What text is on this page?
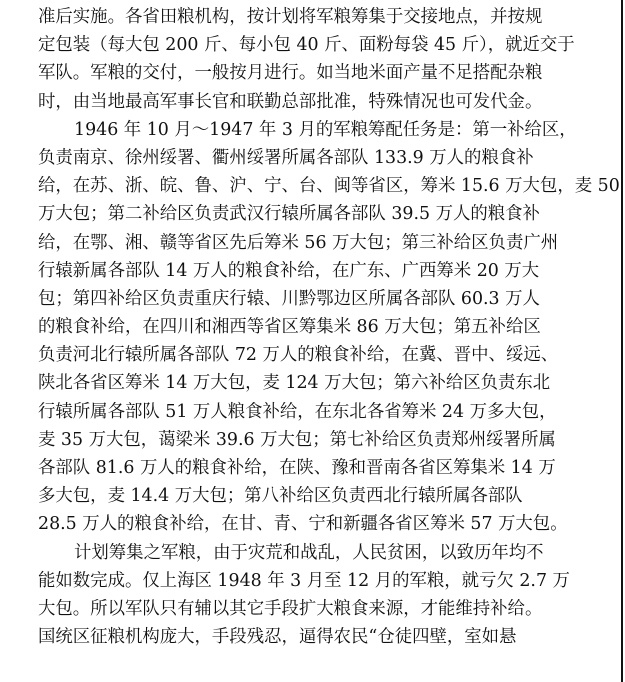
准后实施。各省田粮机构，按计划将军粮筹集于交接地点，并按规
定包装（每大包 200 斤、每小包 40 斤、面粉每袋 45 斤），就近交于
军队。军粮的交付，一般按月进行。如当地米面产量不足搭配杂粮
时，由当地最高军事长官和联勤总部批准，特殊情况也可发代金。
1946 年 10 月～1947 年 3 月的军粮筹配任务是：第一补给区，
负责南京、徐州绥署、衢州绥署所属各部队 133.9 万人的粮食补
给，在苏、浙、皖、鲁、沪、宁、台、闽等省区，筹米 15.6 万大包，麦 50
万大包；第二补给区负责武汉行辕所属各部队 39.5 万人的粮食补
给，在鄂、湘、赣等省区先后筹米 56 万大包；第三补给区负责广州
行辕新属各部队 14 万人的粮食补给，在广东、广西筹米 20 万大
包；第四补给区负责重庆行辕、川黔鄂边区所属各部队 60.3 万人
的粮食补给，在四川和湘西等省区筹集米 86 万大包；第五补给区
负责河北行辕所属各部队 72 万人的粮食补给，在冀、晋中、绥远、
陕北各省区筹米 14 万大包，麦 124 万大包；第六补给区负责东北
行辕所属各部队 51 万人粮食补给，在东北各省筹米 24 万多大包，
麦 35 万大包，蔼梁米 39.6 万大包；第七补给区负责郑州绥署所属
各部队 81.6 万人的粮食补给，在陕、豫和晋南各省区筹集米 14 万
多大包，麦 14.4 万大包；第八补给区负责西北行辕所属各部队
28.5 万人的粮食补给，在甘、青、宁和新疆各省区筹米 57 万大包。
计划筹集之军粮，由于灾荒和战乱，人民贫困，以致历年均不
能如数完成。仅上海区 1948 年 3 月至 12 月的军粮，就亏欠 2.7 万
大包。所以军队只有辅以其它手段扩大粮食来源，才能维持补给。
国统区征粮机构庞大，手段残忍，逼得农民“仓徒四壁，室如悬
